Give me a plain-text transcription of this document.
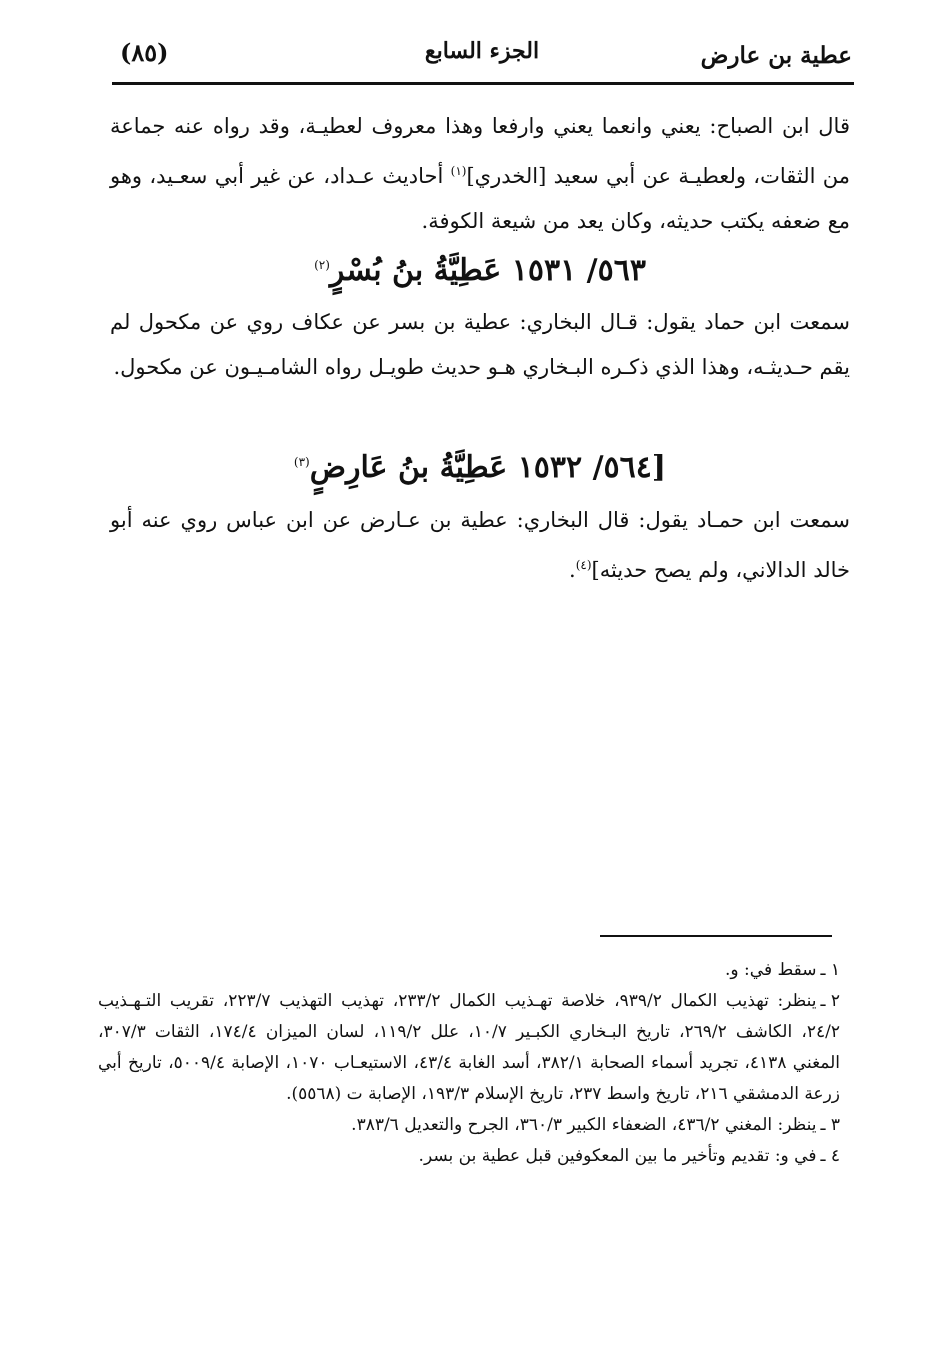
عطية بن عارض
الجزء السابع
(٨٥)
قال ابن الصباح: يعني وانعما يعني وارفعا وهذا معروف لعطيـة، وقد رواه عنه جماعة من الثقات، ولعطيـة عن أبي سعيد [الخدري]$^{(١)}$ أحاديث عـداد، عن غير أبي سعـيد، وهو مع ضعفه يكتب حديثه، وكان يعد من شيعة الكوفة.
٥٦٣/ ١٥٣١ عَطِيَّةُ بنُ بُسْرٍ$^{(٢)}$
سمعت ابن حماد يقول: قـال البخاري: عطية بن بسر عن عكاف روي عن مكحول لم يقم حـديثـه، وهذا الذي ذكـره البـخاري هـو حديث طويـل رواه الشامـيـون عن مكحول.
[٥٦٤/ ١٥٣٢ عَطِيَّةُ بنُ عَارِضٍ$^{(٣)}$
سمعت ابن حمـاد يقول: قال البخاري: عطية بن عـارض عن ابن عباس روي عنه أبو خالد الدالاني، ولم يصح حديثه]$^{(٤)}$.
١ ـسقط في: و.
٢ ـينظر: تهذيب الكمال ٩٣٩/٢، خلاصة تهـذيب الكمال ٢٣٣/٢، تهذيب التهذيب ٢٢٣/٧، تقريب التـهـذيب ٢٤/٢، الكاشف ٢٦٩/٢، تاريخ البـخاري الكبـير ١٠/٧، علل ١١٩/٢، لسان الميزان ١٧٤/٤، الثقات ٣٠٧/٣، المغني ٤١٣٨، تجريد أسماء الصحابة ٣٨٢/١، أسد الغابة ٤٣/٤، الاستيعـاب ١٠٧٠، الإصابة ٥٠٠٩/٤، تاريخ أبي زرعة الدمشقي ٢١٦، تاريخ واسط ٢٣٧، تاريخ الإسلام ١٩٣/٣، الإصابة ت (٥٥٦٨).
٣ ـينظر: المغني ٤٣٦/٢، الضعفاء الكبير ٣٦٠/٣، الجرح والتعديل ٣٨٣/٦.
٤ ـفي و: تقديم وتأخير ما بين المعكوفين قبل عطية بن بسر.
